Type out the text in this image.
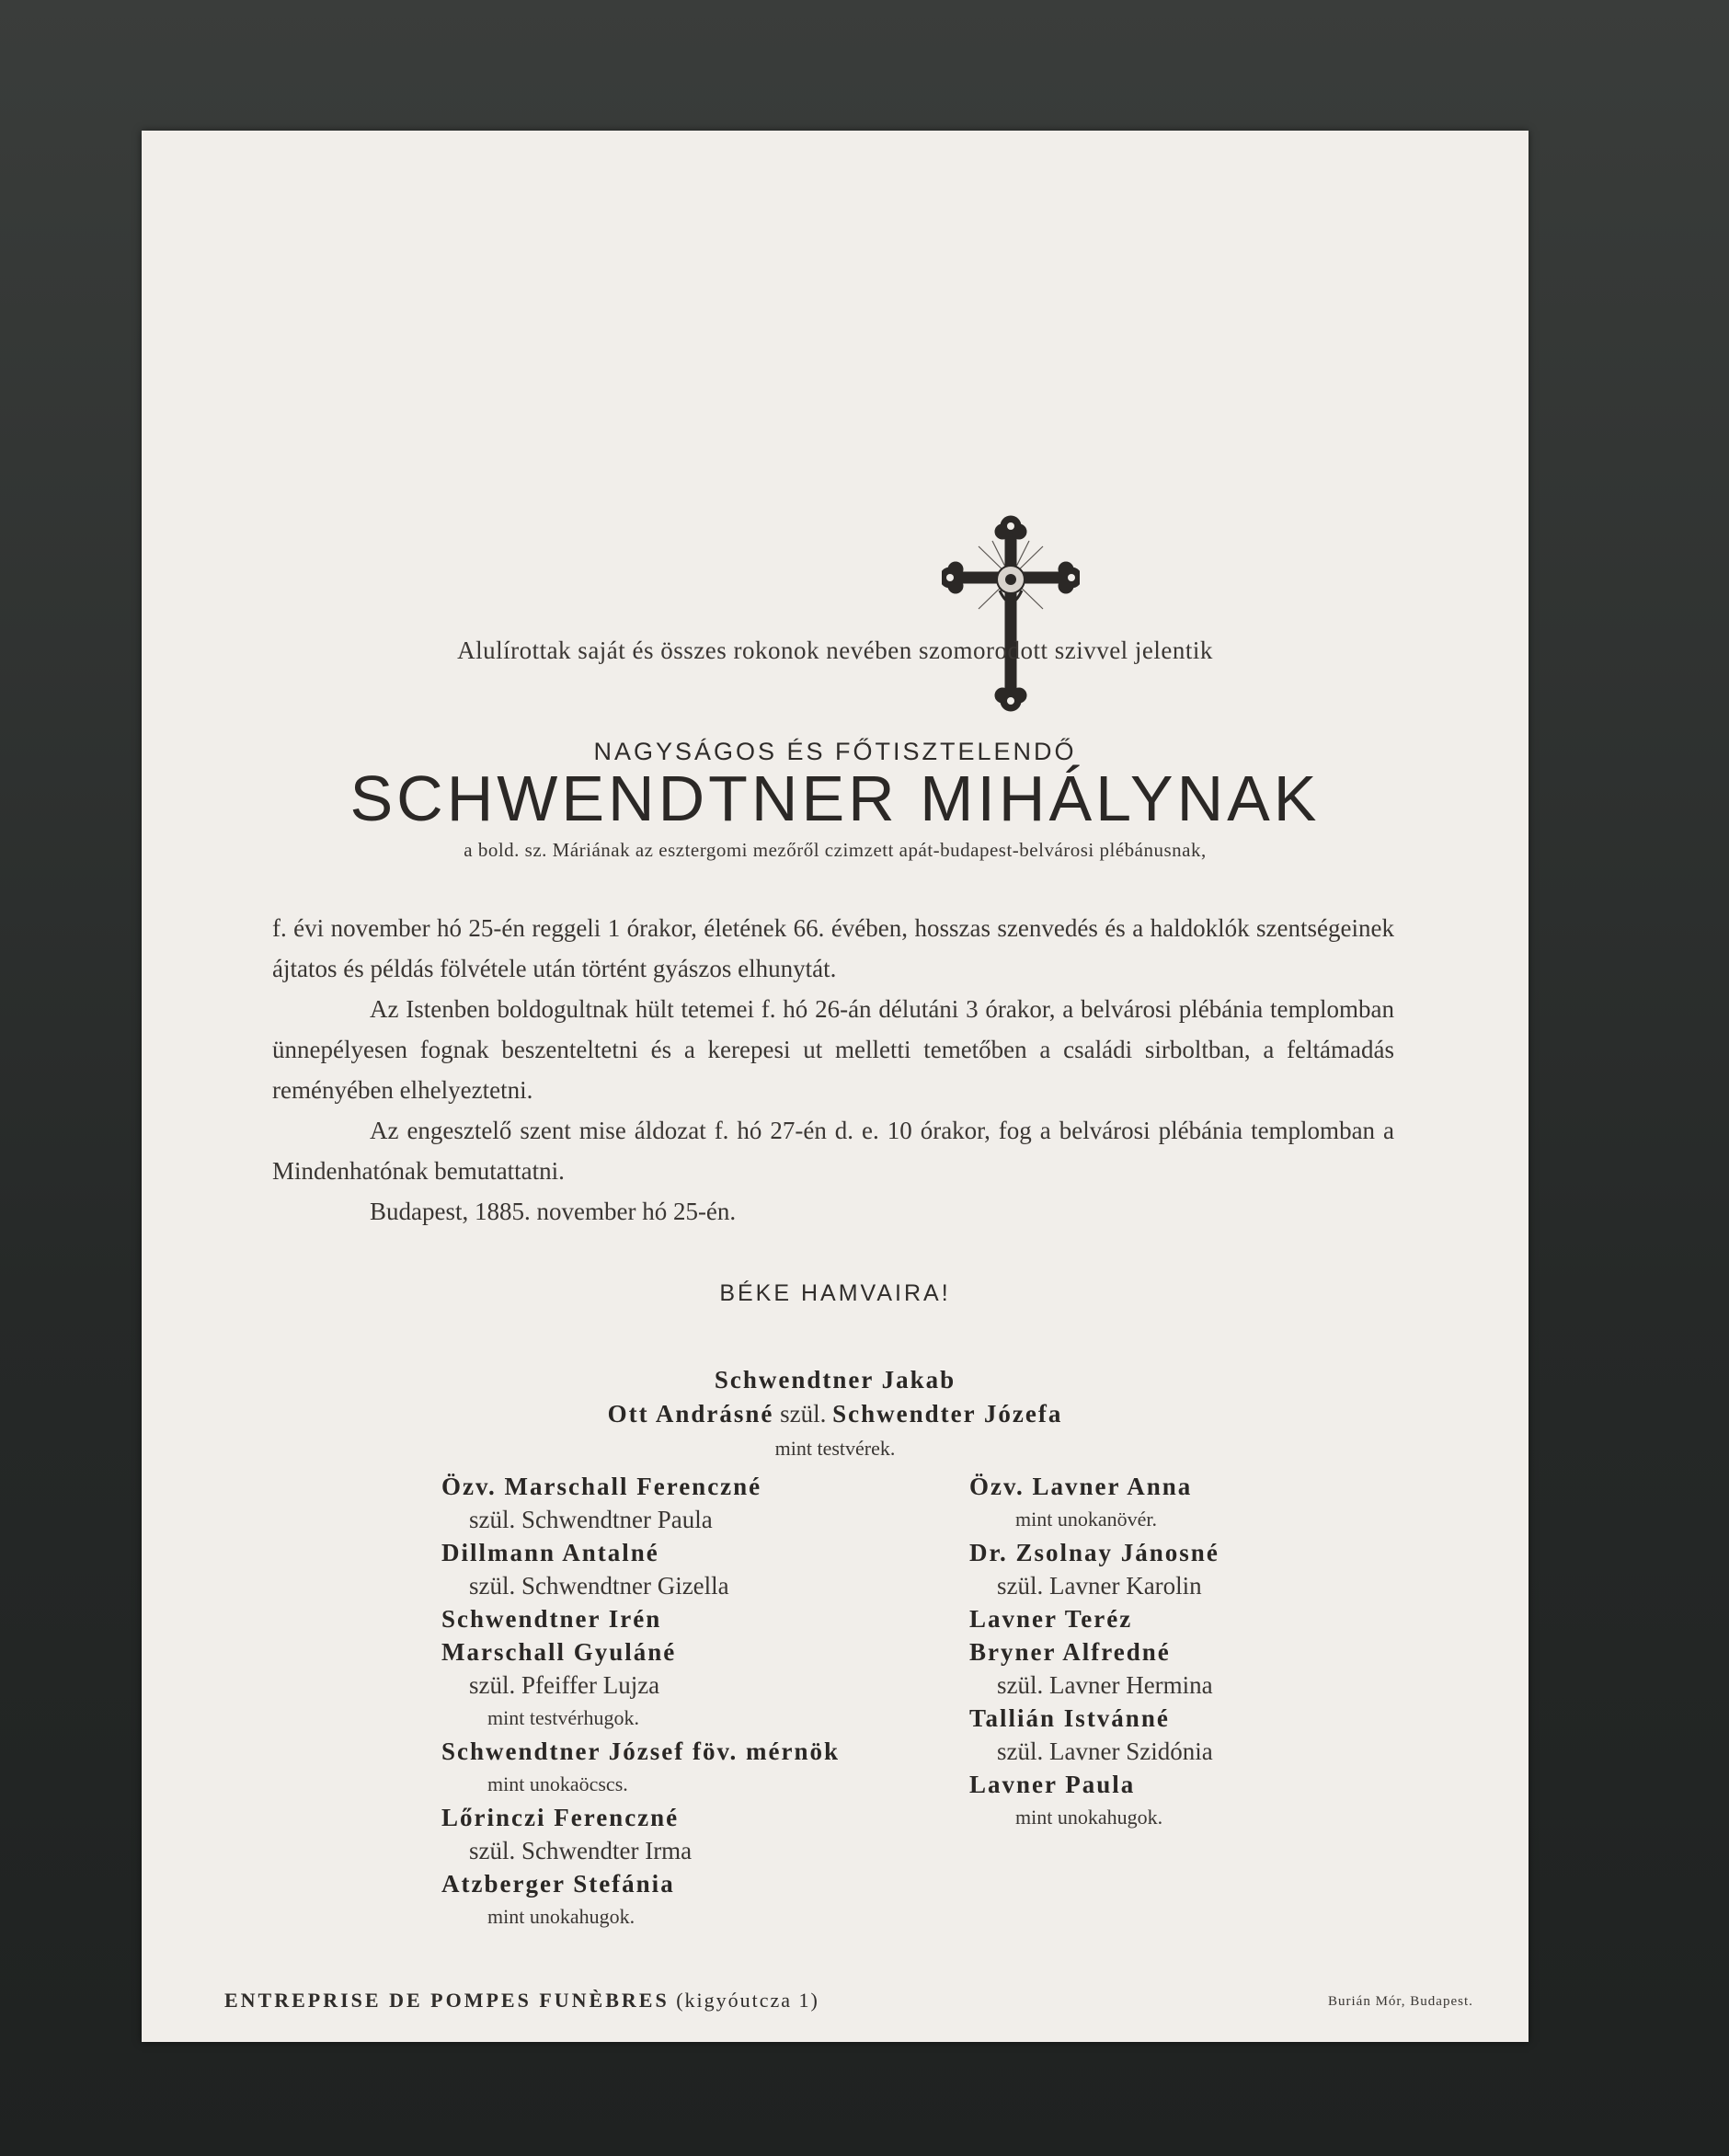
Alulírottak saját és összes rokonok nevében szomorodott szivvel jelentik
NAGYSÁGOS ÉS FŐTISZTELENDŐ
SCHWENDTNER MIHÁLYNAK
a bold. sz. Máriának az esztergomi mezőről czimzett apát-budapest-belvárosi plébánusnak,

f. évi november hó 25-én reggeli 1 órakor, életének 66. évében, hosszas szenvedés és a haldoklók szentségeinek ájtatos és példás fölvétele után történt gyászos elhunytát.

Az Istenben boldogultnak hült tetemei f. hó 26-án délutáni 3 órakor, a belvárosi plébánia templomban ünnepélyesen fognak beszenteltetni és a kerepesi ut melletti temetőben a családi sirboltban, a feltámadás reményében elhelyeztetni.

Az engesztelő szent mise áldozat f. hó 27-én d. e. 10 órakor, fog a belvárosi plébánia templomban a Mindenhatónak bemutattatni.

Budapest, 1885. november hó 25-én.

BÉKE HAMVAIRA!
Schwendtner Jakab
Ott Andrásné szül. Schwendter Józefa
mint testvérek.
Özv. Marschall Ferenczné
szül. Schwendtner Paula
Dillmann Antalné
szül. Schwendtner Gizella
Schwendtner Irén
Marschall Gyuláné
szül. Pfeiffer Lujza
mint testvérhugok.
Schwendtner József föv. mérnök
mint unokaöcscs.
Lőrinczi Ferenczné
szül. Schwendter Irma
Atzberger Stefánia
mint unokahugok.
Özv. Lavner Anna
mint unokanövér.
Dr. Zsolnay Jánosné
szül. Lavner Karolin
Lavner Teréz
Bryner Alfredné
szül. Lavner Hermina
Tallián Istvánné
szül. Lavner Szidónia
Lavner Paula
mint unokahugok.
ENTREPRISE DE POMPES FUNÈBRES (kigyóutcza 1)	Burián Mór, Budapest.
